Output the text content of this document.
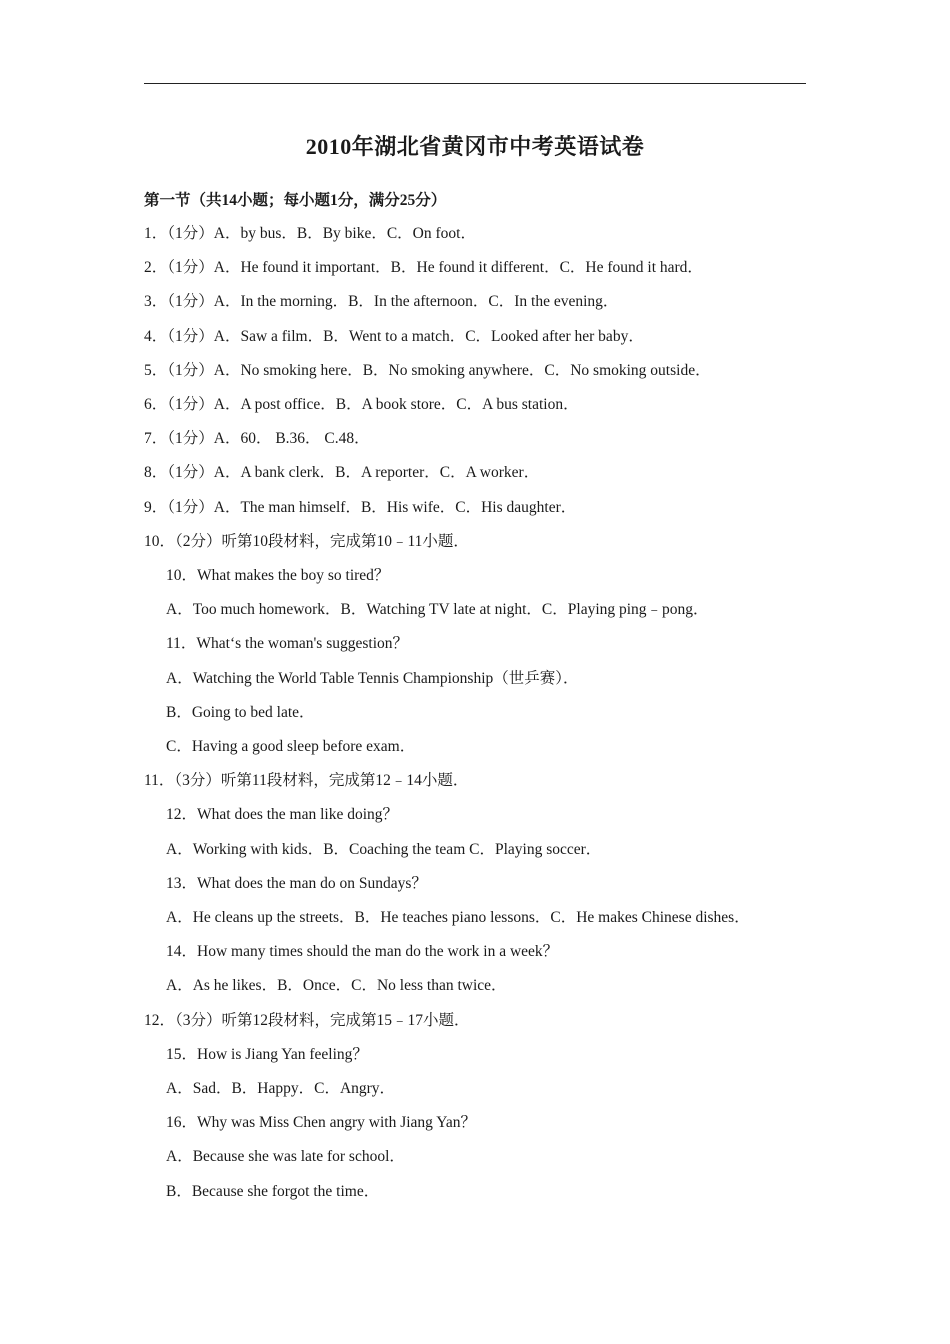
2010年湖北省黄冈市中考英语试卷
第一节（共14小题；每小题1分，满分25分）
1．（1分）A．by bus．B．By bike．C．On foot．
2．（1分）A．He found it important．B．He found it different．C．He found it hard．
3．（1分）A．In the morning．B．In the afternoon．C．In the evening．
4．（1分）A．Saw a film．B．Went to a match．C．Looked after her baby．
5．（1分）A．No smoking here．B．No smoking anywhere．C．No smoking outside．
6．（1分）A．A post office．B．A book store．C．A bus station．
7．（1分）A．60． B.36． C.48．
8．（1分）A．A bank clerk．B．A reporter．C．A worker．
9．（1分）A．The man himself．B．His wife．C．His daughter．
10．（2分）听第10段材料，完成第10﹣11小题．
10．What makes the boy so tired？
A．Too much homework．B．Watching TV late at night．C．Playing ping﹣pong．
11．What‘s the woman's suggestion？
A．Watching the World Table Tennis Championship（世乒赛）．
B．Going to bed late．
C．Having a good sleep before exam．
11．（3分）听第11段材料，完成第12﹣14小题．
12．What does the man like doing？
A．Working with kids．B．Coaching the team C．Playing soccer．
13．What does the man do on Sundays？
A．He cleans up the streets．B．He teaches piano lessons．C．He makes Chinese dishes．
14．How many times should the man do the work in a week？
A．As he likes．B．Once．C．No less than twice．
12．（3分）听第12段材料，完成第15﹣17小题．
15．How is Jiang Yan feeling？
A．Sad．B．Happy．C．Angry．
16．Why was Miss Chen angry with Jiang Yan？
A．Because she was late for school．
B．Because she forgot the time．
